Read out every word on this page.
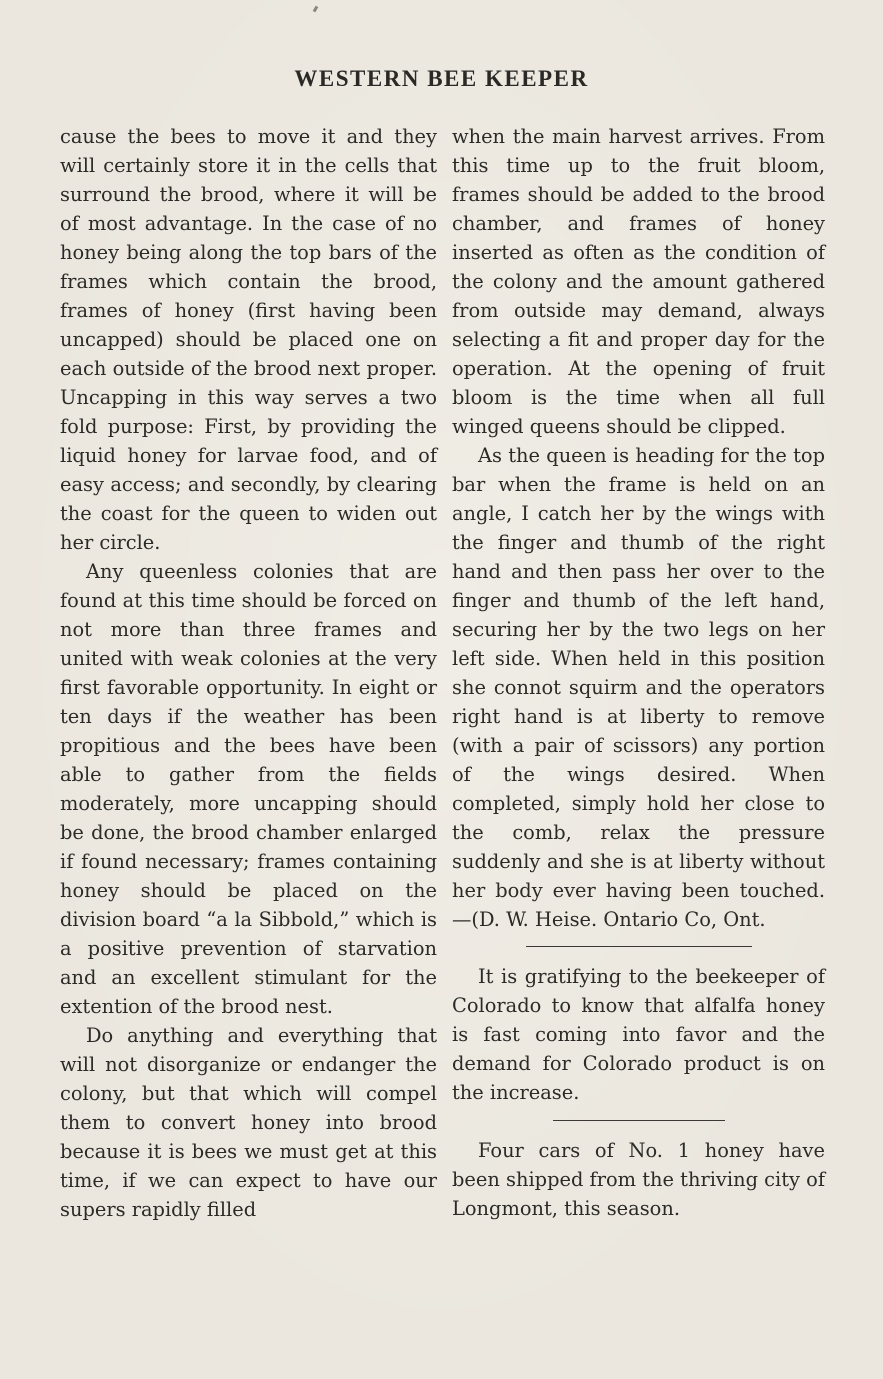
WESTERN BEE KEEPER

cause the bees to move it and they will certainly store it in the cells that surround the brood, where it will be of most advantage. In the case of no honey being along the top bars of the frames which contain the brood, frames of honey (first having been uncapped) should be placed one on each outside of the brood next proper. Uncapping in this way serves a two fold purpose: First, by providing the liquid honey for larvae food, and of easy access; and secondly, by clearing the coast for the queen to widen out her circle.

Any queenless colonies that are found at this time should be forced on not more than three frames and united with weak colonies at the very first favorable opportunity. In eight or ten days if the weather has been propitious and the bees have been able to gather from the fields moderately, more uncapping should be done, the brood chamber enlarged if found necessary; frames containing honey should be placed on the division board “a la Sibbold,” which is a positive prevention of starvation and an excellent stimulant for the extention of the brood nest.

Do anything and everything that will not disorganize or endanger the colony, but that which will compel them to convert honey into brood because it is bees we must get at this time, if we can expect to have our supers rapidly filled

when the main harvest arrives. From this time up to the fruit bloom, frames should be added to the brood chamber, and frames of honey inserted as often as the condition of the colony and the amount gathered from outside may demand, always selecting a fit and proper day for the operation. At the opening of fruit bloom is the time when all full winged queens should be clipped.

As the queen is heading for the top bar when the frame is held on an angle, I catch her by the wings with the finger and thumb of the right hand and then pass her over to the finger and thumb of the left hand, securing her by the two legs on her left side. When held in this position she connot squirm and the operators right hand is at liberty to remove (with a pair of scissors) any portion of the wings desired. When completed, simply hold her close to the comb, relax the pressure suddenly and she is at liberty without her body ever having been touched.—(D. W. Heise. Ontario Co, Ont.

It is gratifying to the beekeeper of Colorado to know that alfalfa honey is fast coming into favor and the demand for Colorado product is on the increase.

Four cars of No. 1 honey have been shipped from the thriving city of Longmont, this season.
